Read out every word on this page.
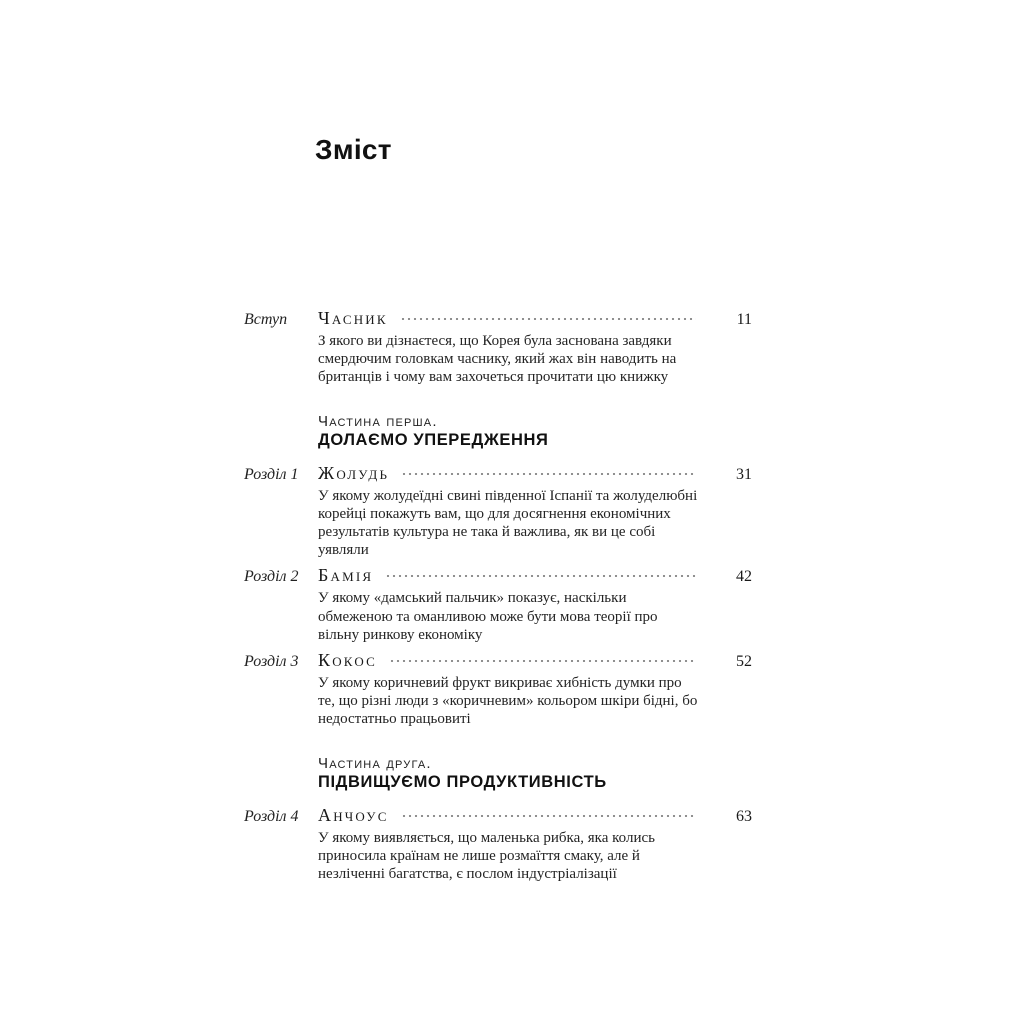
Зміст
Вступ	Часник	11

З якого ви дізнаєтеся, що Корея була заснована завдяки смердючим головкам часнику, який жах він наводить на британців і чому вам захочеться прочитати цю книжку

Частина перша.
ДОЛАЄМО УПЕРЕДЖЕННЯ
Розділ 1	Жолудь	31

У якому жолудеїдні свині південної Іспанії та жолуделюбні корейці покажуть вам, що для досягнення економічних результатів культура не така й важлива, як ви це собі уявляли

Розділ 2	Бамія	42

У якому «дамський пальчик» показує, наскільки обмеженою та оманливою може бути мова теорії про вільну ринкову економіку

Розділ 3	Кокос	52

У якому коричневий фрукт викриває хибність думки про те, що різні люди з «коричневим» кольором шкіри бідні, бо недостатньо працьовиті

Частина друга.
ПІДВИЩУЄМО ПРОДУКТИВНІСТЬ
Розділ 4	Анчоус	63

У якому виявляється, що маленька рибка, яка колись приносила країнам не лише розмаїття смаку, але й незліченні багатства, є послом індустріалізації
